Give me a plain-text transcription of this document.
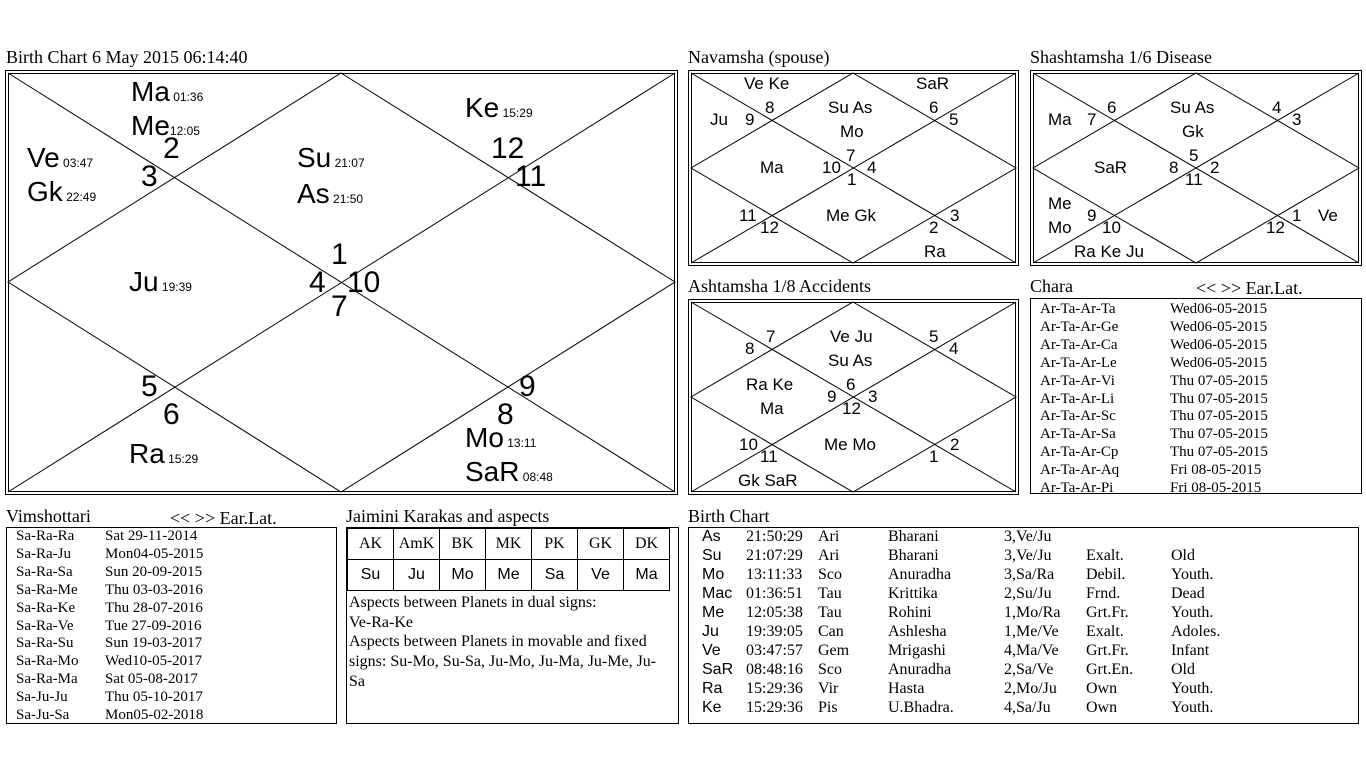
Birth Chart 6 May 2015 06:14:40
Ma 01:36
Me12:05
Ve 03:47
Gk 22:49
Su 21:07
As 21:50
Ke 15:29
Ju 19:39
Ra 15:29
Mo 13:11
SaR 08:48
2
3
12
11
1
4 10
7
5
6
9
8
Navamsha (spouse)
Ve Ke	SaR
Ju
Su As
Mo
Ma
Me Gk
Ra
8
9
6
5
7
10 4
1
11
12
3
2
Shashtamsha 1/6 Disease
Ma
Su As
Gk
SaR
Me
Mo
Ra Ke Ju
Ve
6
7
4
3
5
8 2
11
9
10
1
12
Ashtamsha 1/8 Accidents
Ve Ju
Su As
Ra Ke
Ma
Me Mo
Gk SaR
7
8
5
4
6
9 3
12
10
11
2
1
Chara	<< >> Ear.Lat.
Ar-Ta-Ar-Ta	Wed06-05-2015
Ar-Ta-Ar-Ge	Wed06-05-2015
Ar-Ta-Ar-Ca	Wed06-05-2015
Ar-Ta-Ar-Le	Wed06-05-2015
Ar-Ta-Ar-Vi	Thu 07-05-2015
Ar-Ta-Ar-Li	Thu 07-05-2015
Ar-Ta-Ar-Sc	Thu 07-05-2015
Ar-Ta-Ar-Sa	Thu 07-05-2015
Ar-Ta-Ar-Cp	Thu 07-05-2015
Ar-Ta-Ar-Aq	Fri 08-05-2015
Ar-Ta-Ar-Pi	Fri 08-05-2015
Vimshottari	<< >> Ear.Lat.
Sa-Ra-Ra Sat 29-11-2014
Sa-Ra-Ju Mon04-05-2015
Sa-Ra-Sa Sun 20-09-2015
Sa-Ra-Me Thu 03-03-2016
Sa-Ra-Ke Thu 28-07-2016
Sa-Ra-Ve Tue 27-09-2016
Sa-Ra-Su Sun 19-03-2017
Sa-Ra-Mo Wed10-05-2017
Sa-Ra-Ma Sat 05-08-2017
Sa-Ju-Ju Thu 05-10-2017
Sa-Ju-Sa Mon05-02-2018
Jaimini Karakas and aspects
AK	AmK	BK	MK	PK	GK	DK
Su	Ju	Mo	Me	Sa	Ve	Ma
Aspects between Planets in dual signs:
Ve-Ra-Ke
Aspects between Planets in movable and fixed signs: Su-Mo, Su-Sa, Ju-Mo, Ju-Ma, Ju-Me, Ju-Sa
Birth Chart
As 21:50:29 Ari	Bharani	3,Ve/Ju
Su 21:07:29 Ari	Bharani	3,Ve/Ju Exalt.	Old
Mo 13:11:33 Sco	Anuradha	3,Sa/Ra Debil.	Youth.
Mac 01:36:51 Tau	Krittika	2,Su/Ju Frnd.	Dead
Me 12:05:38 Tau	Rohini	1,Mo/Ra Grt.Fr.	Youth.
Ju 19:39:05 Can	Ashlesha	1,Me/Ve Exalt.	Adoles.
Ve 03:47:57 Gem Mrigashi	4,Ma/Ve Grt.Fr.	Infant
SaR 08:48:16 Sco	Anuradha	2,Sa/Ve Grt.En. Old
Ra 15:29:36 Vir	Hasta	2,Mo/Ju Own	Youth.
Ke 15:29:36 Pis	U.Bhadra.	4,Sa/Ju Own	Youth.
